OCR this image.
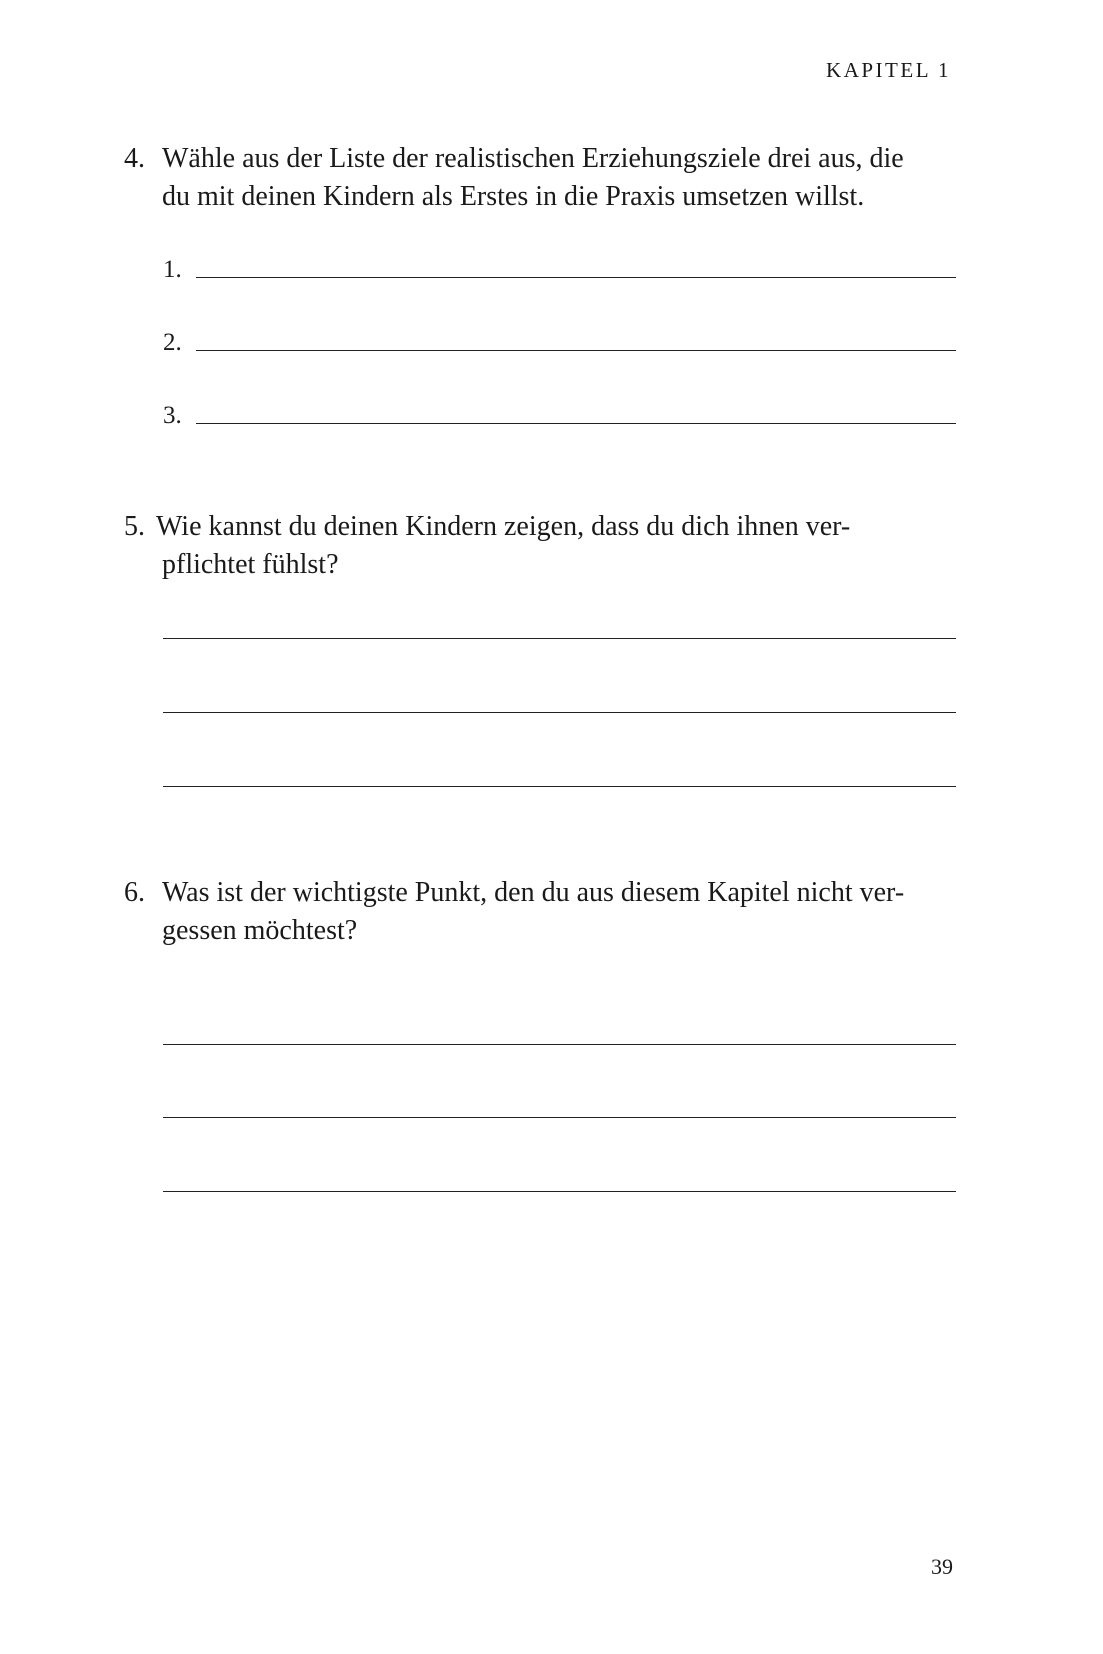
KAPITEL 1
4. Wähle aus der Liste der realistischen Erziehungsziele drei aus, die
du mit deinen Kindern als Erstes in die Praxis umsetzen willst.
1.
2.
3.
5. Wie kannst du deinen Kindern zeigen, dass du dich ihnen ver-
pflichtet fühlst?
6. Was ist der wichtigste Punkt, den du aus diesem Kapitel nicht ver-
gessen möchtest?
39
